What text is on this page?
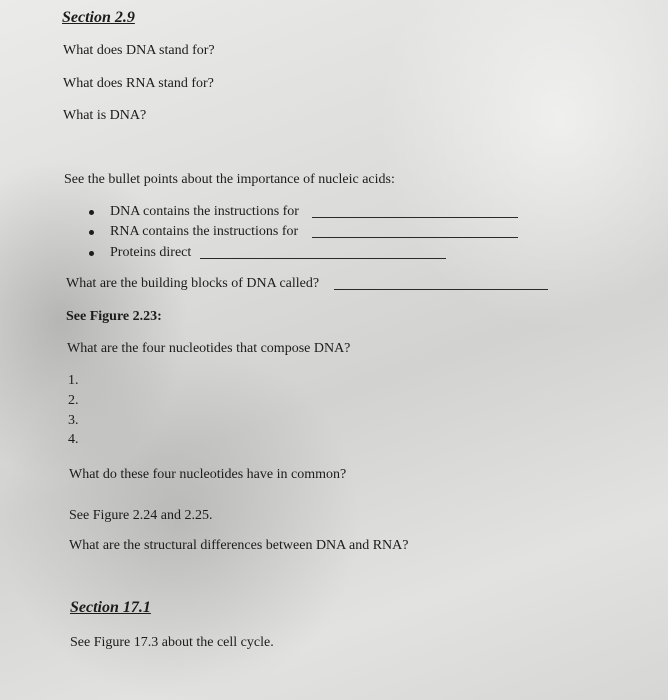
Section 2.9
What does DNA stand for?
What does RNA stand for?
What is DNA?
See the bullet points about the importance of nucleic acids:
DNA contains the instructions for
RNA contains the instructions for
Proteins direct
What are the building blocks of DNA called?
See Figure 2.23:
What are the four nucleotides that compose DNA?
1.
2.
3.
4.
What do these four nucleotides have in common?
See Figure 2.24 and 2.25.
What are the structural differences between DNA and RNA?
Section 17.1
See Figure 17.3 about the cell cycle.
